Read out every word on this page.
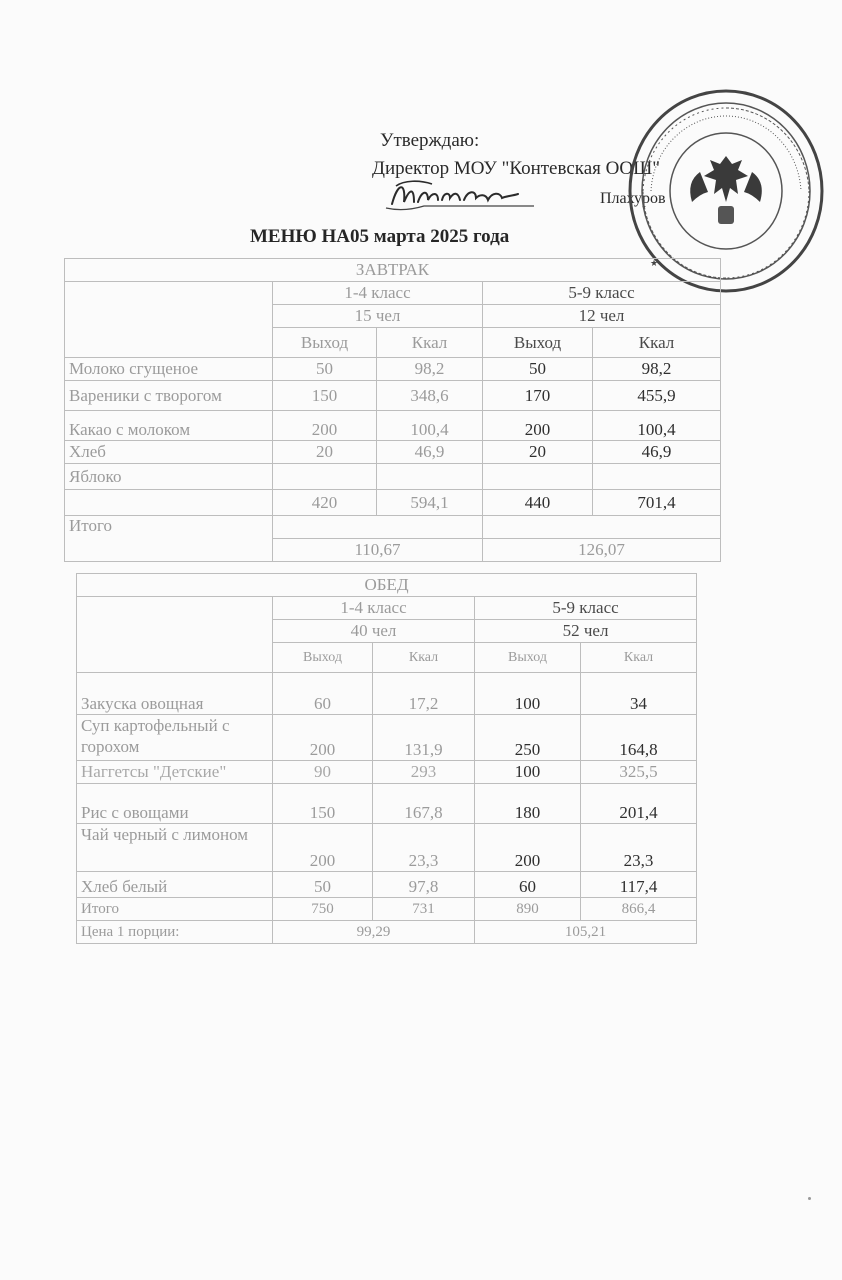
Утверждаю:
Директор МОУ "Контевская ООШ"
Плахуров
МЕНЮ НА05 марта 2025 года
★
ЗАВТРАК				
	1-4 класс		5-9 класс	
	15 чел		12 чел	
	Выход	Ккал	Выход	Ккал
Молоко сгущеное	50	98,2	50	98,2
Вареники с творогом	150	348,6	170	455,9
Какао с молоком	200	100,4	200	100,4
Хлеб	20	46,9	20	46,9
Яблоко				
	420	594,1	440	701,4
Итого				
	110,67		126,07	
ОБЕД				
	1-4 класс		5-9 класс	
	40 чел		52 чел	
	Выход	Ккал	Выход	Ккал
Закуска овощная	60	17,2	100	34
Суп картофельный с горохом	200	131,9	250	164,8
Наггетсы "Детские"	90	293	100	325,5
Рис с овощами	150	167,8	180	201,4
Чай черный с лимоном	200	23,3	200	23,3
Хлеб белый	50	97,8	60	117,4
Итого	750	731	890	866,4
Цена 1 порции:	99,29		105,21	
